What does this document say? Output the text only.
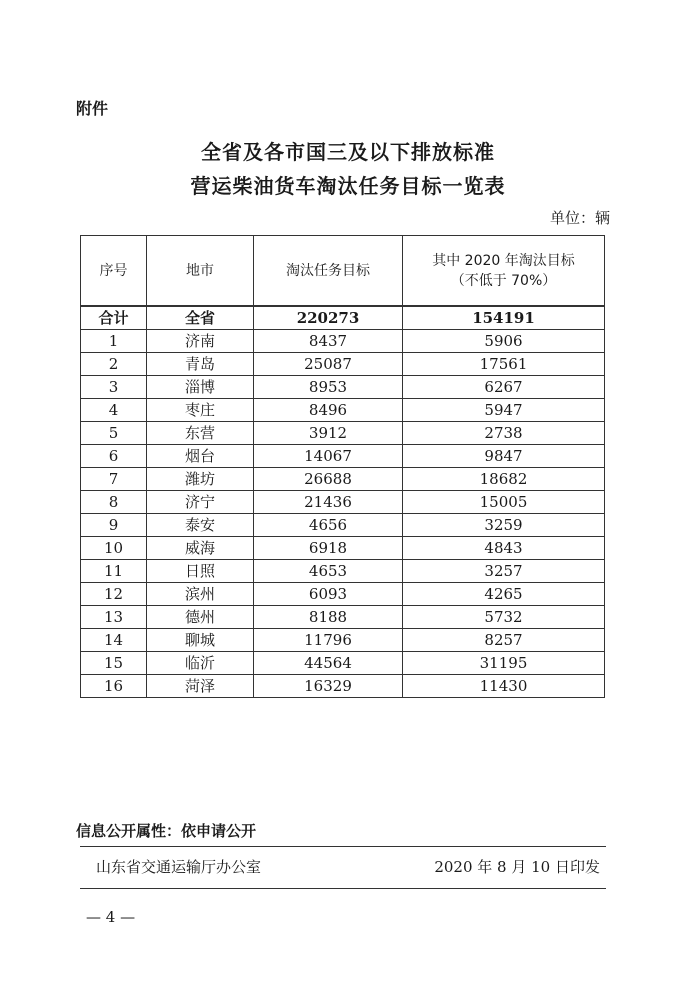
附件
全省及各市国三及以下排放标准
营运柴油货车淘汰任务目标一览表
单位：辆
序号	地市	淘汰任务目标	其中 2020 年淘汰目标
（不低于 70%）

合计	全省	220273	154191
1	济南	8437	5906
2	青岛	25087	17561
3	淄博	8953	6267
4	枣庄	8496	5947
5	东营	3912	2738
6	烟台	14067	9847
7	潍坊	26688	18682
8	济宁	21436	15005
9	泰安	4656	3259
10	威海	6918	4843
11	日照	4653	3257
12	滨州	6093	4265
13	德州	8188	5732
14	聊城	11796	8257
15	临沂	44564	31195
16	菏泽	16329	11430
信息公开属性：依申请公开
山东省交通运输厅办公室	2020 年 8 月 10 日印发
— 4 —
